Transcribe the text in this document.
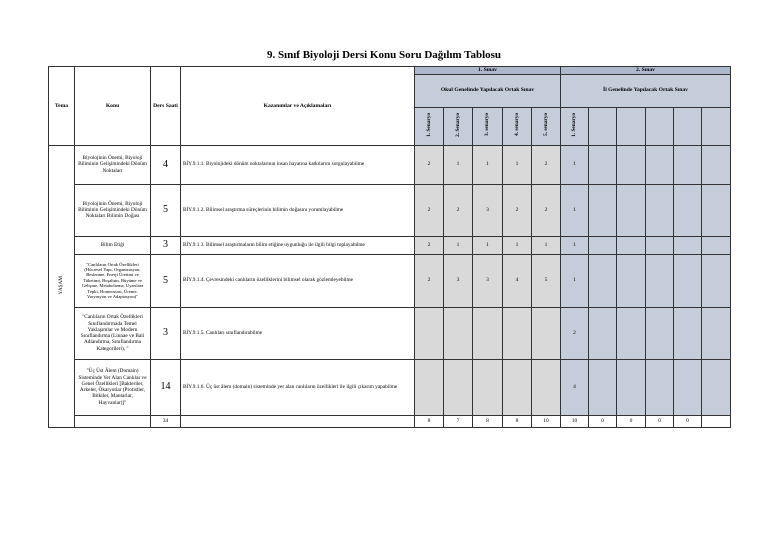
9. Sınıf Biyoloji Dersi Konu Soru Dağılım Tablosu
Tema	Konu	Ders Saati	Kazanımlar ve Açıklamaları	1. Sınav					2. Sınav					
				Okul Genelinde Yapılacak Ortak Sınav					İl Genelinde Yapılacak Ortak Sınav					
				1. Senaryo	2. Senaryo	3. senaryo	4. senaryo	5. senaryo	1. Senaryo					
YAŞAM	Biyolojinin Önemi, Biyoloji Biliminin Gelişimindeki Dönüm Noktaları	4	BİY.9.1.1. Biyolojideki dönüm noktalarının insan hayatına katkılarını sorgulayabilme	2	1	1	1	2	1					
	Biyolojinin Önemi, Biyoloji Biliminin Gelişimindeki Dönüm Noktaları Bilimin Doğası	5	BİY.9.1.2. Bilimsel araştırma süreçlerinin bilimin doğasını yorumlayabilme	2	2	3	2	2	1					
	Bilim Etiği	3	BİY.9.1.3. Bilimsel araştırmaların bilim etiğine uygunluğu ile ilgili bilgi toplayabilme	2	1	1	1	1	1					
	"Canlıların Ortak Özellikleri (Hücresel Yapı, Organizasyon, Beslenme, Enerji Üretimi ve Tüketimi, Boşaltım, Büyüme ve Gelişme, Metabolizma, Uyarılara Tepki, Homeostasi, Üreme, Varyasyon ve Adaptasyon)"	5	BİY.9.1.4. Çevresindeki canlıların özelliklerini bilimsel olarak gözlemleyebilme	2	3	3	4	5	1					
	"Canlıların Ortak Özellikleri Sınıflandırmada Temel Yaklaşımlar ve Modern Sınıflandırma (Linnae ve Bali Adlandırma, Sınıflandırma Kategorileri), "	3	BİY.9.1.5. Canlıları sınıflandırabilme						2					
	"Üç Üst Âlem (Domain) Sisteminde Yer Alan Canlılar ve Genel Özellikleri [Bakteriler, Arkeler, Ökaryotlar (Protistler, Bitkiler, Mantarlar, Hayvanlar)]"	14	BİY.9.1.6. Üç üst âlem (domain) sisteminde yer alan canlıların özellikleri ile ilgili çıkarım yapabilme						4					
		34		8	7	8	8	10	10	0	0	0	0	
